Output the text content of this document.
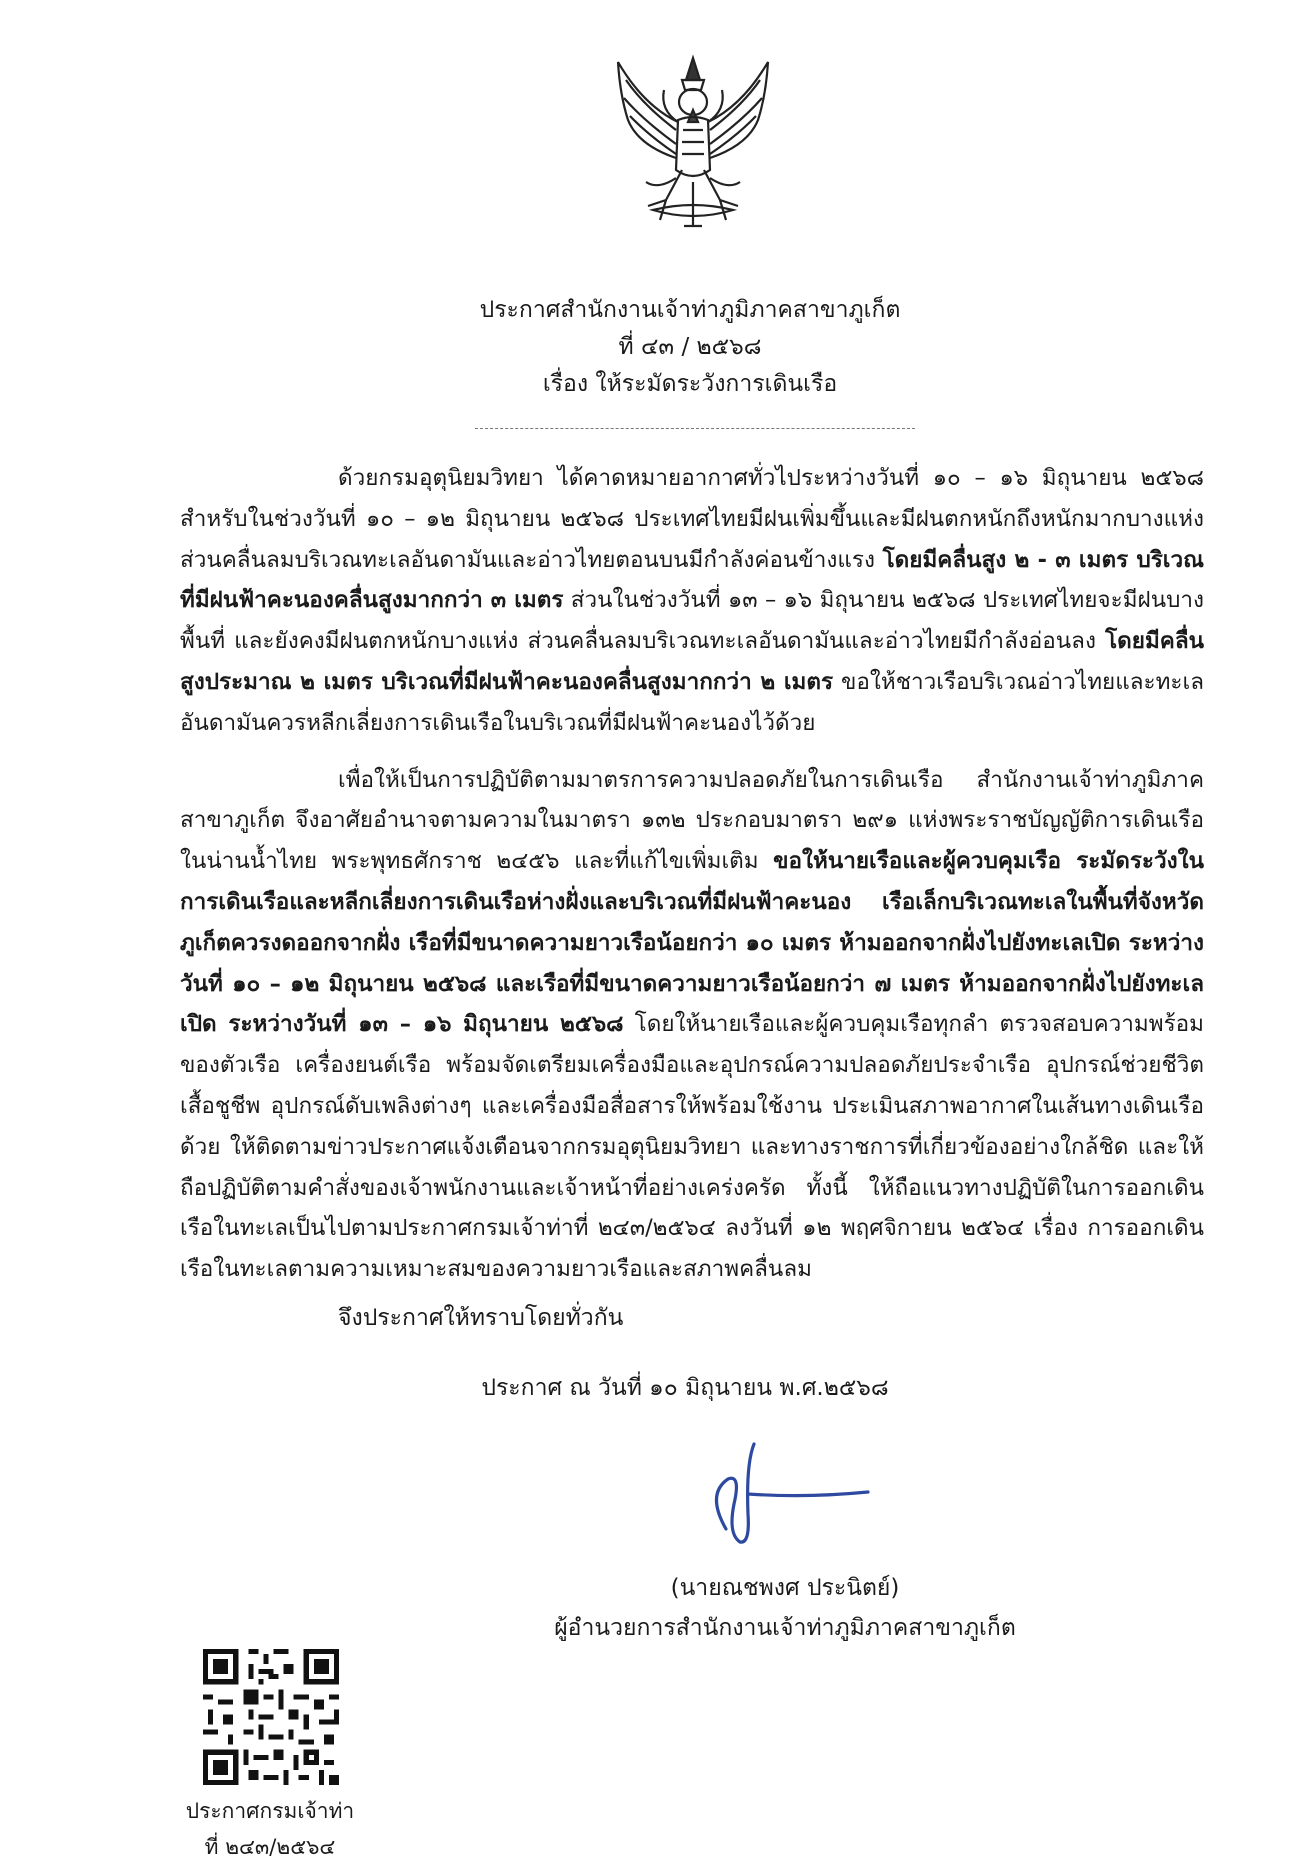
ประกาศสำนักงานเจ้าท่าภูมิภาคสาขาภูเก็ต
ที่ ๔๓ / ๒๕๖๘
เรื่อง ให้ระมัดระวังการเดินเรือ

ด้วยกรมอุตุนิยมวิทยา ได้คาดหมายอากาศทั่วไประหว่างวันที่ ๑๐ – ๑๖ มิถุนายน ๒๕๖๘ สำหรับในช่วงวันที่ ๑๐ – ๑๒ มิถุนายน ๒๕๖๘ ประเทศไทยมีฝนเพิ่มขึ้นและมีฝนตกหนักถึงหนักมากบางแห่ง ส่วนคลื่นลมบริเวณทะเลอันดามันและอ่าวไทยตอนบนมีกำลังค่อนข้างแรง โดยมีคลื่นสูง ๒ - ๓ เมตร บริเวณที่มีฝนฟ้าคะนองคลื่นสูงมากกว่า ๓ เมตร ส่วนในช่วงวันที่ ๑๓ – ๑๖ มิถุนายน ๒๕๖๘ ประเทศไทยจะมีฝนบางพื้นที่ และยังคงมีฝนตกหนักบางแห่ง ส่วนคลื่นลมบริเวณทะเลอันดามันและอ่าวไทยมีกำลังอ่อนลง โดยมีคลื่นสูงประมาณ ๒ เมตร บริเวณที่มีฝนฟ้าคะนองคลื่นสูงมากกว่า ๒ เมตร ขอให้ชาวเรือบริเวณอ่าวไทยและทะเลอันดามันควรหลีกเลี่ยงการเดินเรือในบริเวณที่มีฝนฟ้าคะนองไว้ด้วย

เพื่อให้เป็นการปฏิบัติตามมาตรการความปลอดภัยในการเดินเรือ สำนักงานเจ้าท่าภูมิภาคสาขาภูเก็ต จึงอาศัยอำนาจตามความในมาตรา ๑๓๒ ประกอบมาตรา ๒๙๑ แห่งพระราชบัญญัติการเดินเรือในน่านน้ำไทย พระพุทธศักราช ๒๔๕๖ และที่แก้ไขเพิ่มเติม ขอให้นายเรือและผู้ควบคุมเรือ ระมัดระวังในการเดินเรือและหลีกเลี่ยงการเดินเรือห่างฝั่งและบริเวณที่มีฝนฟ้าคะนอง เรือเล็กบริเวณทะเลในพื้นที่จังหวัดภูเก็ตควรงดออกจากฝั่ง เรือที่มีขนาดความยาวเรือน้อยกว่า ๑๐ เมตร ห้ามออกจากฝั่งไปยังทะเลเปิด ระหว่างวันที่ ๑๐ – ๑๒ มิถุนายน ๒๕๖๘ และเรือที่มีขนาดความยาวเรือน้อยกว่า ๗ เมตร ห้ามออกจากฝั่งไปยังทะเลเปิด ระหว่างวันที่ ๑๓ – ๑๖ มิถุนายน ๒๕๖๘ โดยให้นายเรือและผู้ควบคุมเรือทุกลำ ตรวจสอบความพร้อมของตัวเรือ เครื่องยนต์เรือ พร้อมจัดเตรียมเครื่องมือและอุปกรณ์ความปลอดภัยประจำเรือ อุปกรณ์ช่วยชีวิต เสื้อชูชีพ อุปกรณ์ดับเพลิงต่างๆ และเครื่องมือสื่อสารให้พร้อมใช้งาน ประเมินสภาพอากาศในเส้นทางเดินเรือด้วย ให้ติดตามข่าวประกาศแจ้งเตือนจากกรมอุตุนิยมวิทยา และทางราชการที่เกี่ยวข้องอย่างใกล้ชิด และให้ถือปฏิบัติตามคำสั่งของเจ้าพนักงานและเจ้าหน้าที่อย่างเคร่งครัด ทั้งนี้ ให้ถือแนวทางปฏิบัติในการออกเดินเรือในทะเลเป็นไปตามประกาศกรมเจ้าท่าที่ ๒๔๓/๒๕๖๔ ลงวันที่ ๑๒ พฤศจิกายน ๒๕๖๔ เรื่อง การออกเดินเรือในทะเลตามความเหมาะสมของความยาวเรือและสภาพคลื่นลม

จึงประกาศให้ทราบโดยทั่วกัน
ประกาศ ณ วันที่ ๑๐ มิถุนายน พ.ศ.๒๕๖๘
(นายณชพงศ ประนิตย์)
ผู้อำนวยการสำนักงานเจ้าท่าภูมิภาคสาขาภูเก็ต
ประกาศกรมเจ้าท่า
ที่ ๒๔๓/๒๕๖๔
